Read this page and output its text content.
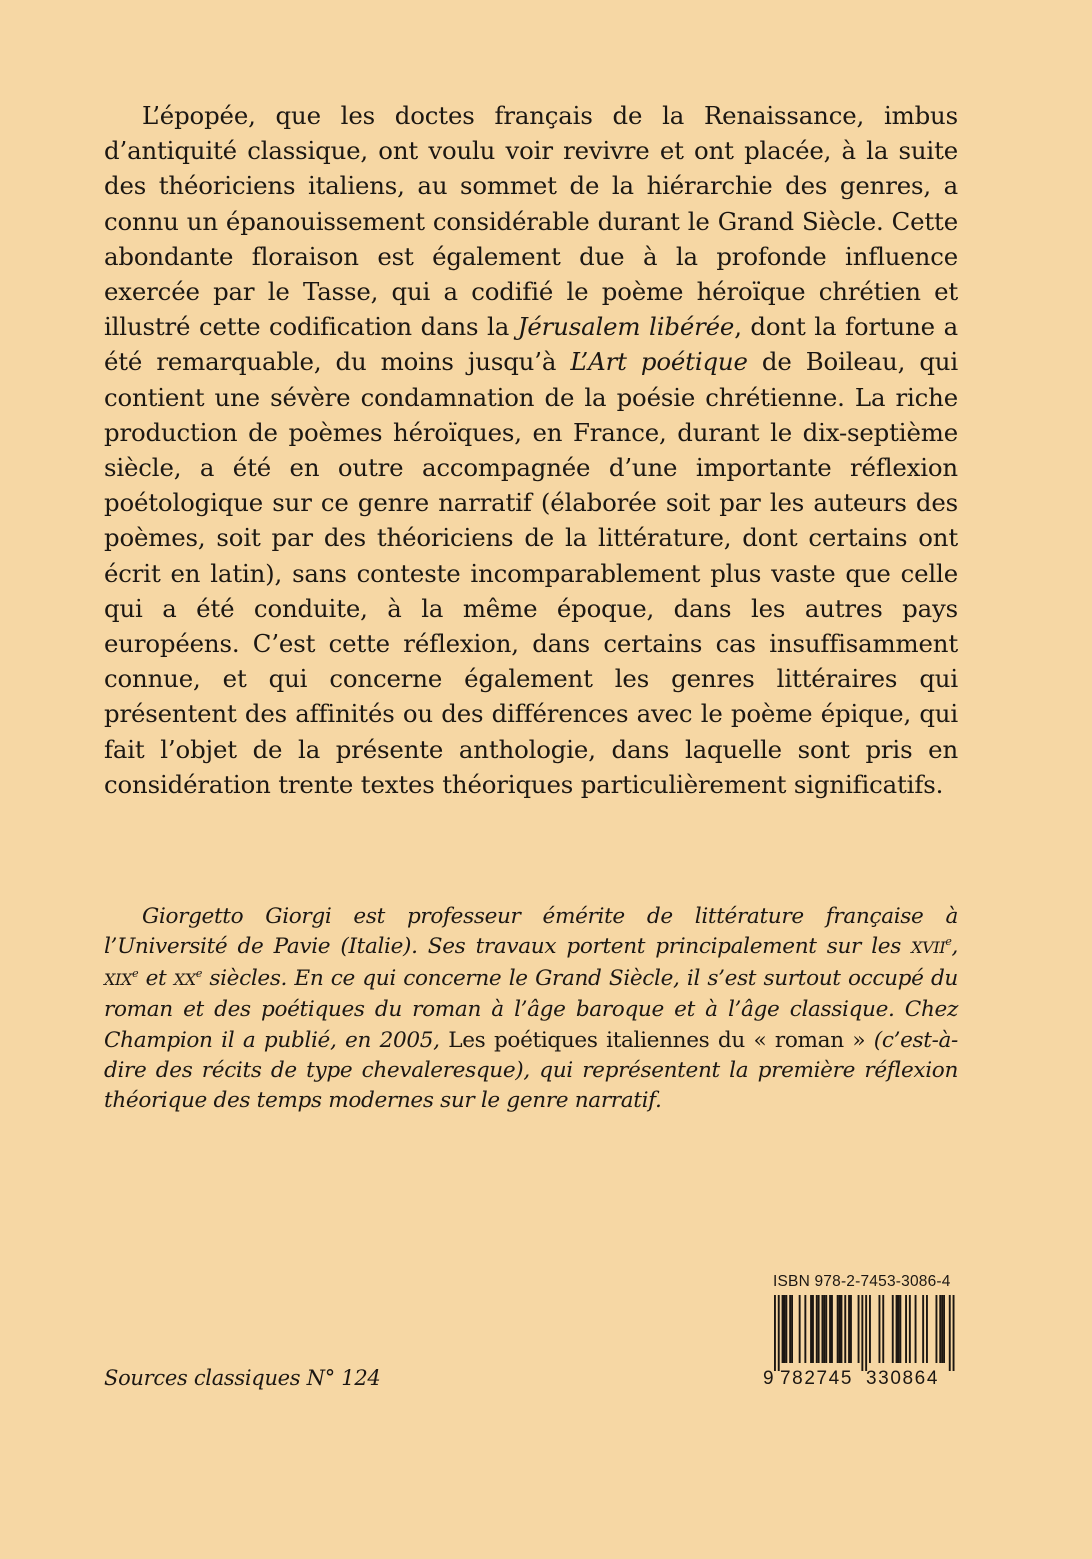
L’épopée, que les doctes français de la Renaissance, imbus d’antiquité classique, ont voulu voir revivre et ont placée, à la suite des théoriciens italiens, au sommet de la hiérarchie des genres, a connu un épanouissement considérable durant le Grand Siècle. Cette abondante floraison est également due à la profonde influence exercée par le Tasse, qui a codifié le poème héroïque chrétien et illustré cette codification dans la Jérusalem libérée, dont la fortune a été remarquable, du moins jusqu’à L’Art poétique de Boileau, qui contient une sévère condamnation de la poésie chrétienne. La riche production de poèmes héroïques, en France, durant le dix-septième siècle, a été en outre accompagnée d’une importante réflexion poétologique sur ce genre narratif (élaborée soit par les auteurs des poèmes, soit par des théoriciens de la littérature, dont certains ont écrit en latin), sans conteste incomparablement plus vaste que celle qui a été conduite, à la même époque, dans les autres pays européens. C’est cette réflexion, dans certains cas insuffisamment connue, et qui concerne également les genres littéraires qui présentent des affinités ou des différences avec le poème épique, qui fait l’objet de la présente anthologie, dans laquelle sont pris en considération trente textes théoriques particulièrement significatifs.

Giorgetto Giorgi est professeur émérite de littérature française à l’Université de Pavie (Italie). Ses travaux portent principalement sur les XVIIe, XIXe et XXe siècles. En ce qui concerne le Grand Siècle, il s’est surtout occupé du roman et des poétiques du roman à l’âge baroque et à l’âge classique. Chez Champion il a publié, en 2005, Les poétiques italiennes du « roman » (c’est-à-dire des récits de type chevaleresque), qui représentent la première réflexion théorique des temps modernes sur le genre narratif.

Sources classiques N° 124

ISBN 978-2-7453-3086-4
9 782745 330864
